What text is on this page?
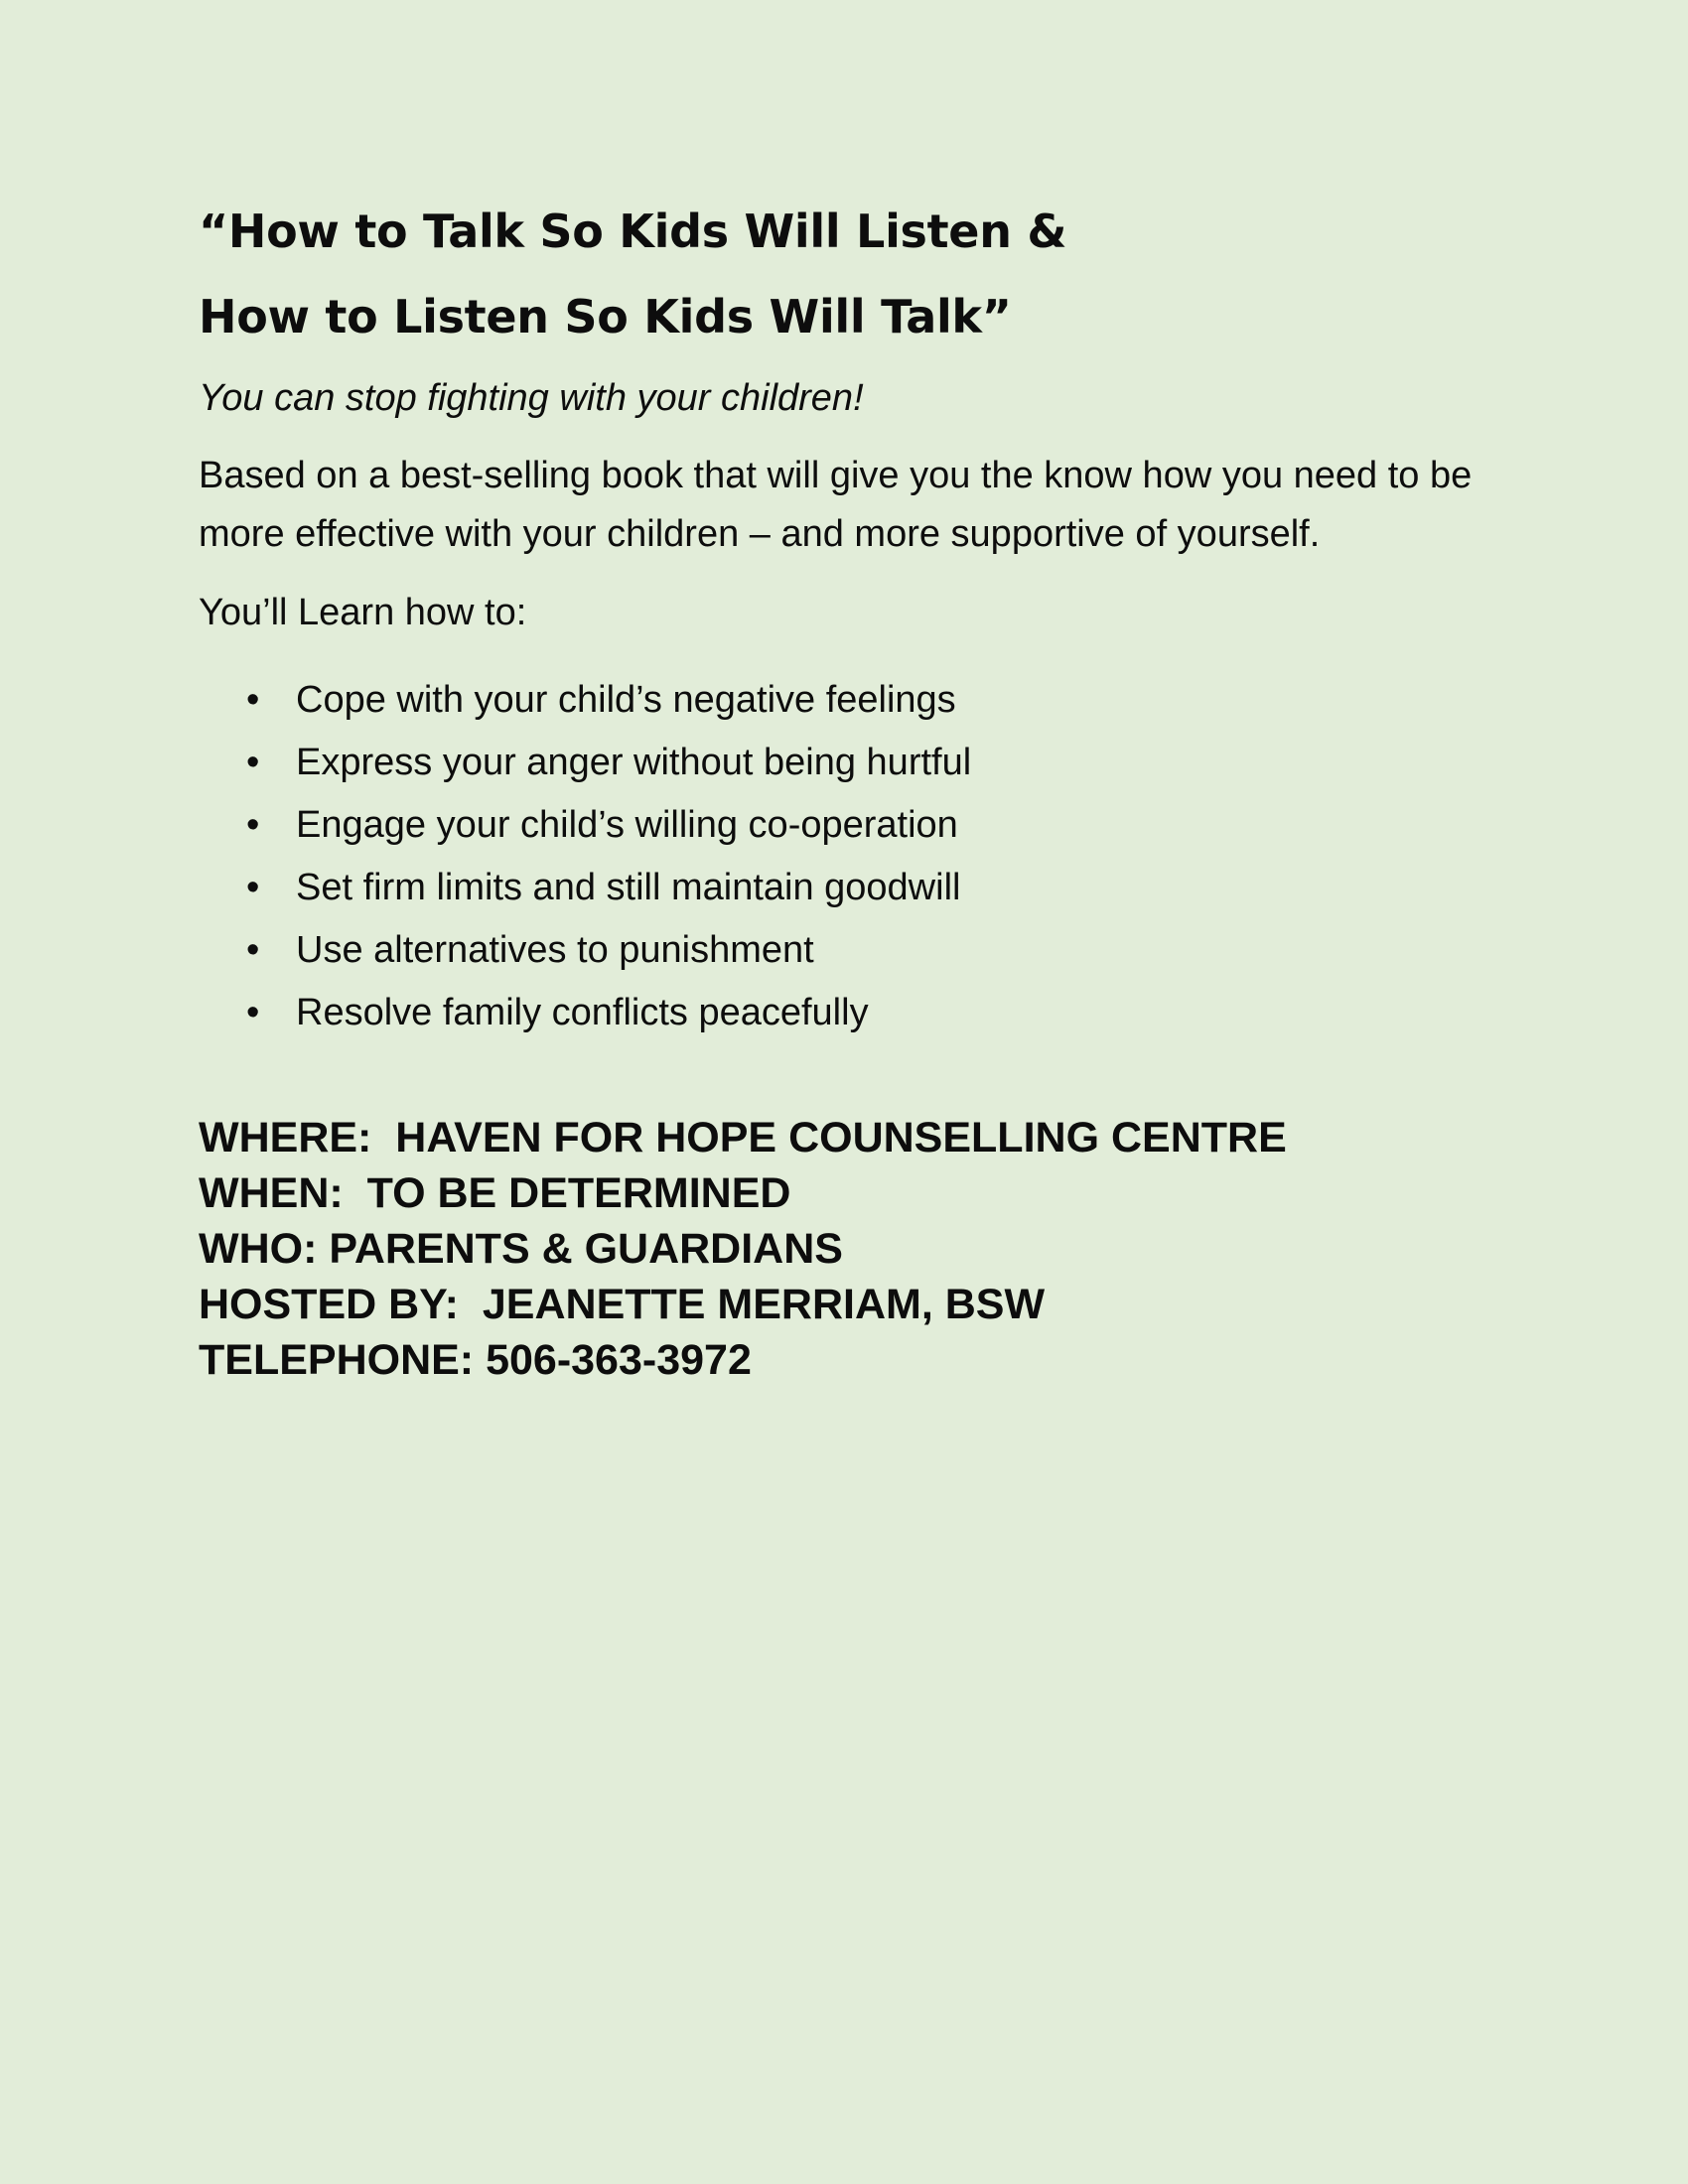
“How to Talk So Kids Will Listen &
How to Listen So Kids Will Talk”

You can stop fighting with your children!

Based on a best-selling book that will give you the know how you need to be more effective with your children – and more supportive of yourself.

You’ll Learn how to:

• Cope with your child’s negative feelings
• Express your anger without being hurtful
• Engage your child’s willing co-operation
• Set firm limits and still maintain goodwill
• Use alternatives to punishment
• Resolve family conflicts peacefully
WHERE:  HAVEN FOR HOPE COUNSELLING CENTRE
WHEN:  TO BE DETERMINED
WHO: PARENTS & GUARDIANS
HOSTED BY:  JEANETTE MERRIAM, BSW
TELEPHONE: 506-363-3972
